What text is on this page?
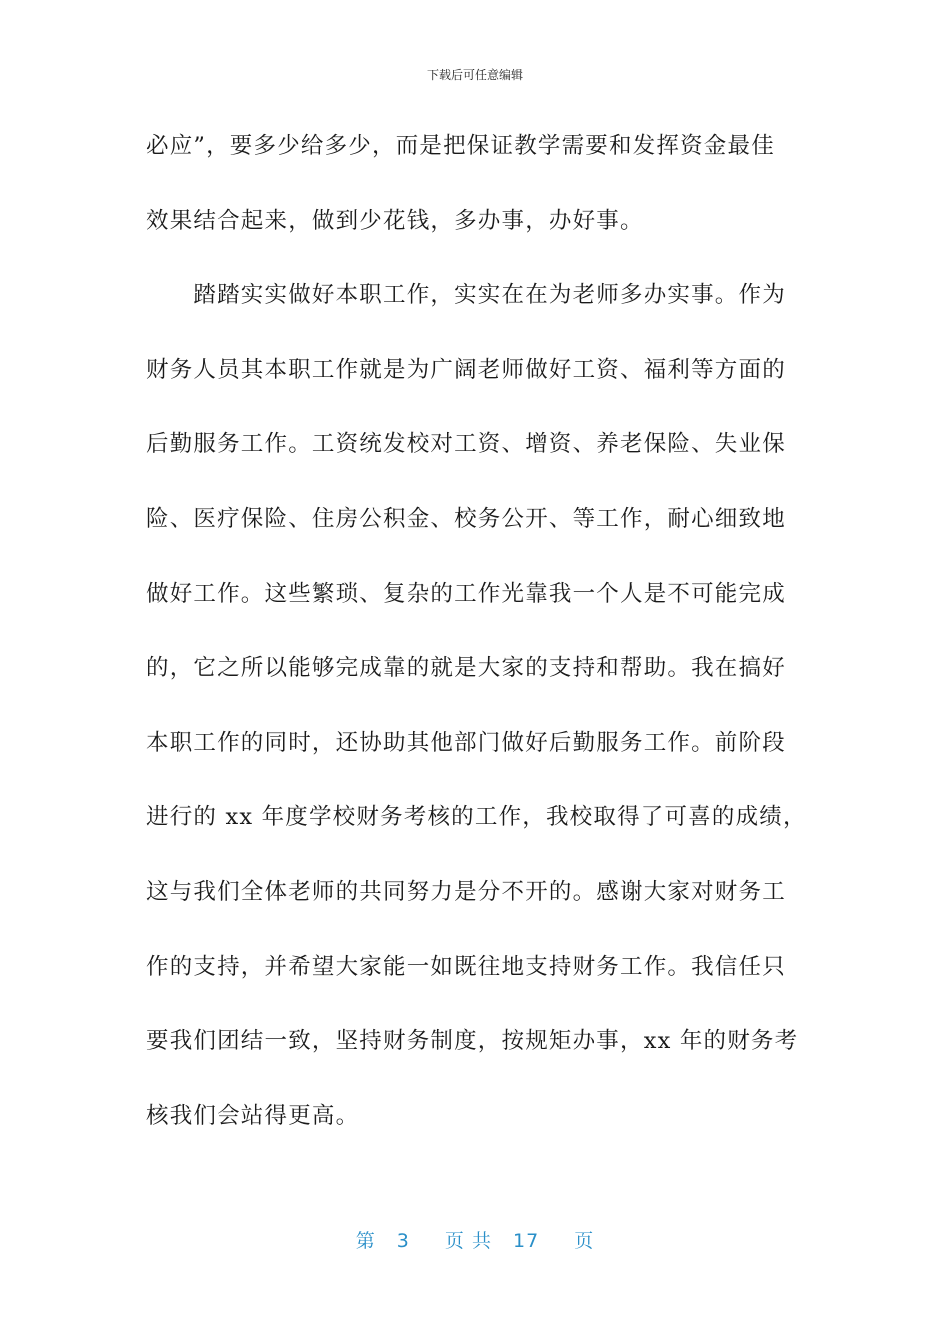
下载后可任意编辑
必应”，要多少给多少，而是把保证教学需要和发挥资金最佳
效果结合起来，做到少花钱，多办事，办好事。
　　踏踏实实做好本职工作，实实在在为老师多办实事。作为
财务人员其本职工作就是为广阔老师做好工资、福利等方面的
后勤服务工作。工资统发校对工资、增资、养老保险、失业保
险、医疗保险、住房公积金、校务公开、等工作，耐心细致地
做好工作。这些繁琐、复杂的工作光靠我一个人是不可能完成
的，它之所以能够完成靠的就是大家的支持和帮助。我在搞好
本职工作的同时，还协助其他部门做好后勤服务工作。前阶段
进行的 xx 年度学校财务考核的工作，我校取得了可喜的成绩，
这与我们全体老师的共同努力是分不开的。感谢大家对财务工
作的支持，并希望大家能一如既往地支持财务工作。我信任只
要我们团结一致，坚持财务制度，按规矩办事，xx 年的财务考
核我们会站得更高。
第 3 页 共 17 页
